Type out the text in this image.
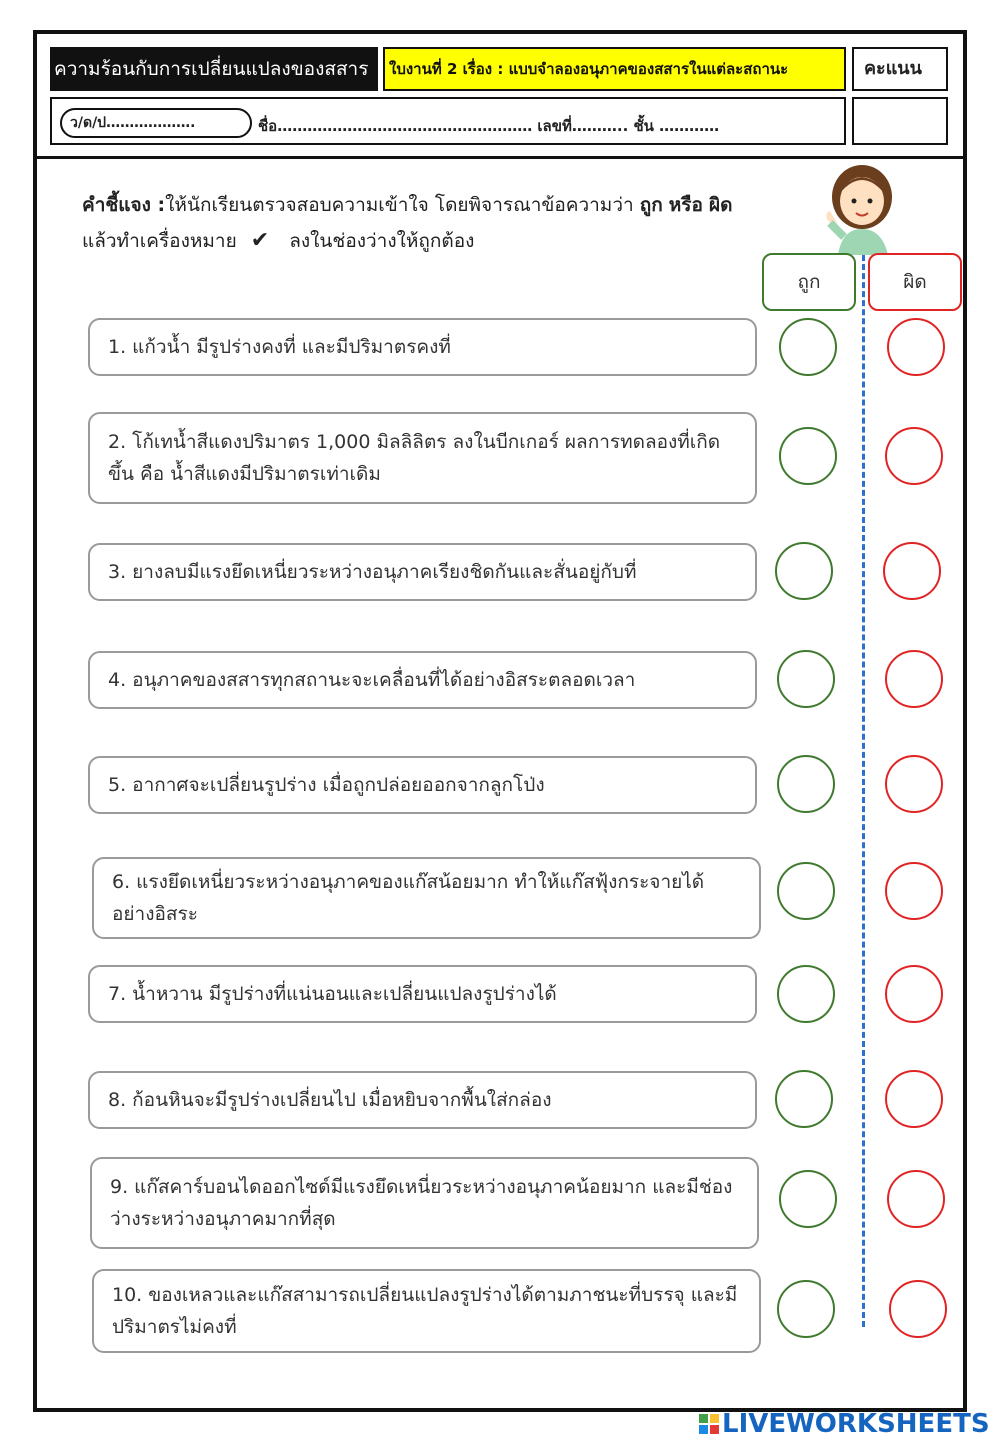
ความร้อนกับการเปลี่ยนแปลงของสสาร	ใบงานที่ 2 เรื่อง : แบบจำลองอนุภาคของสสารในแต่ละสถานะ	คะแนน
ว/ด/ป……………….	ชื่อ…………………………………………… เลขที่……….. ชั้น …………
คำชี้แจง :ให้นักเรียนตรวจสอบความเข้าใจ โดยพิจารณาข้อความว่า ถูก หรือ ผิด
แล้วทำเครื่องหมาย ✔ ลงในช่องว่างให้ถูกต้อง
ถูก	ผิด
1. แก้วน้ำ มีรูปร่างคงที่ และมีปริมาตรคงที่
2. โก้เทน้ำสีแดงปริมาตร 1,000 มิลลิลิตร ลงในบีกเกอร์ ผลการทดลองที่เกิดขึ้น คือ น้ำสีแดงมีปริมาตรเท่าเดิม
3. ยางลบมีแรงยึดเหนี่ยวระหว่างอนุภาคเรียงชิดกันและสั่นอยู่กับที่
4. อนุภาคของสสารทุกสถานะจะเคลื่อนที่ได้อย่างอิสระตลอดเวลา
5. อากาศจะเปลี่ยนรูปร่าง เมื่อถูกปล่อยออกจากลูกโป่ง
6. แรงยึดเหนี่ยวระหว่างอนุภาคของแก๊สน้อยมาก ทำให้แก๊สฟุ้งกระจายได้อย่างอิสระ
7. น้ำหวาน มีรูปร่างที่แน่นอนและเปลี่ยนแปลงรูปร่างได้
8. ก้อนหินจะมีรูปร่างเปลี่ยนไป เมื่อหยิบจากพื้นใส่กล่อง
9. แก๊สคาร์บอนไดออกไซด์มีแรงยึดเหนี่ยวระหว่างอนุภาคน้อยมาก และมีช่องว่างระหว่างอนุภาคมากที่สุด
10. ของเหลวและแก๊สสามารถเปลี่ยนแปลงรูปร่างได้ตามภาชนะที่บรรจุ และมีปริมาตรไม่คงที่
LIVEWORKSHEETS
